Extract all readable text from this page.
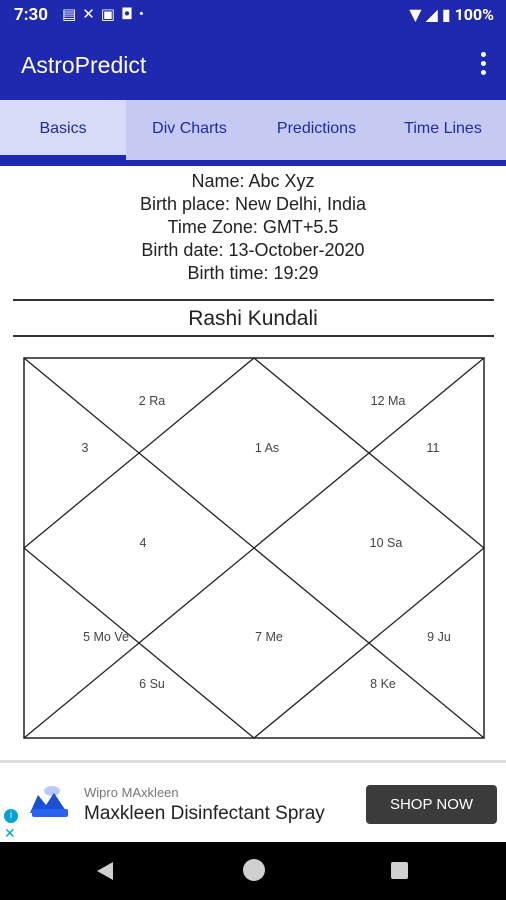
7:30 ▤✕▣◘•	▼ ◢ ▮ 100%
AstroPredict
Basics	Div Charts	Predictions	Time Lines
Name: Abc Xyz
Birth place: New Delhi, India
Time Zone: GMT+5.5
Birth date: 13-October-2020
Birth time: 19:29
Rashi Kundali
1 As
2 Ra
3
4
5 Mo Ve
6 Su
7 Me
8 Ke
9 Ju
10 Sa
11
12 Ma
i
✕
Wipro MAxkleen
Maxkleen Disinfectant Spray	SHOP NOW
